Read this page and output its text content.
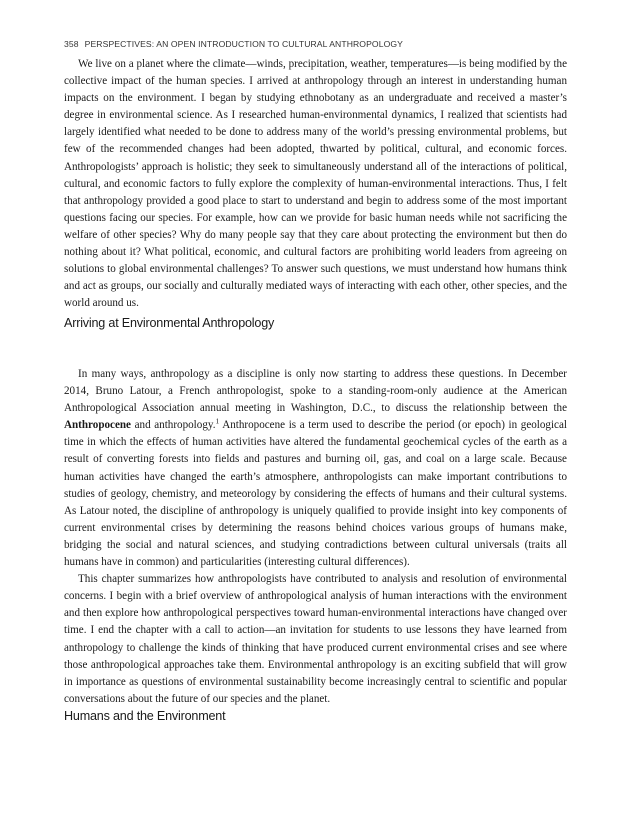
358 PERSPECTIVES: AN OPEN INTRODUCTION TO CULTURAL ANTHROPOLOGY

We live on a planet where the climate—winds, precipitation, weather, temperatures—is being modified by the collective impact of the human species. I arrived at anthropology through an interest in understanding human impacts on the environment. I began by studying ethnobotany as an undergraduate and received a master’s degree in environmental science. As I researched human-environmental dynamics, I realized that scientists had largely identified what needed to be done to address many of the world’s pressing environmental problems, but few of the recommended changes had been adopted, thwarted by political, cultural, and economic forces. Anthropologists’ approach is holistic; they seek to simultaneously understand all of the interactions of political, cultural, and economic factors to fully explore the complexity of human-environmental interactions. Thus, I felt that anthropology provided a good place to start to understand and begin to address some of the most important questions facing our species. For example, how can we provide for basic human needs while not sacrificing the welfare of other species? Why do many people say that they care about protecting the environment but then do nothing about it? What political, economic, and cultural factors are prohibiting world leaders from agreeing on solutions to global environmental challenges? To answer such questions, we must understand how humans think and act as groups, our socially and culturally mediated ways of interacting with each other, other species, and the world around us.

Arriving at Environmental Anthropology

In many ways, anthropology as a discipline is only now starting to address these questions. In December 2014, Bruno Latour, a French anthropologist, spoke to a standing-room-only audience at the American Anthropological Association annual meeting in Washington, D.C., to discuss the relationship between the Anthropocene and anthropology.$^1$ Anthropocene is a term used to describe the period (or epoch) in geological time in which the effects of human activities have altered the fundamental geochemical cycles of the earth as a result of converting forests into fields and pastures and burning oil, gas, and coal on a large scale. Because human activities have changed the earth’s atmosphere, anthropologists can make important contributions to studies of geology, chemistry, and meteorology by considering the effects of humans and their cultural systems. As Latour noted, the discipline of anthropology is uniquely qualified to provide insight into key components of current environmental crises by determining the reasons behind choices various groups of humans make, bridging the social and natural sciences, and studying contradictions between cultural universals (traits all humans have in common) and particularities (interesting cultural differences).

This chapter summarizes how anthropologists have contributed to analysis and resolution of environmental concerns. I begin with a brief overview of anthropological analysis of human interactions with the environment and then explore how anthropological perspectives toward human-environmental interactions have changed over time. I end the chapter with a call to action—an invitation for students to use lessons they have learned from anthropology to challenge the kinds of thinking that have produced current environmental crises and see where those anthropological approaches take them. Environmental anthropology is an exciting subfield that will grow in importance as questions of environmental sustainability become increasingly central to scientific and popular conversations about the future of our species and the planet.

Humans and the Environment
